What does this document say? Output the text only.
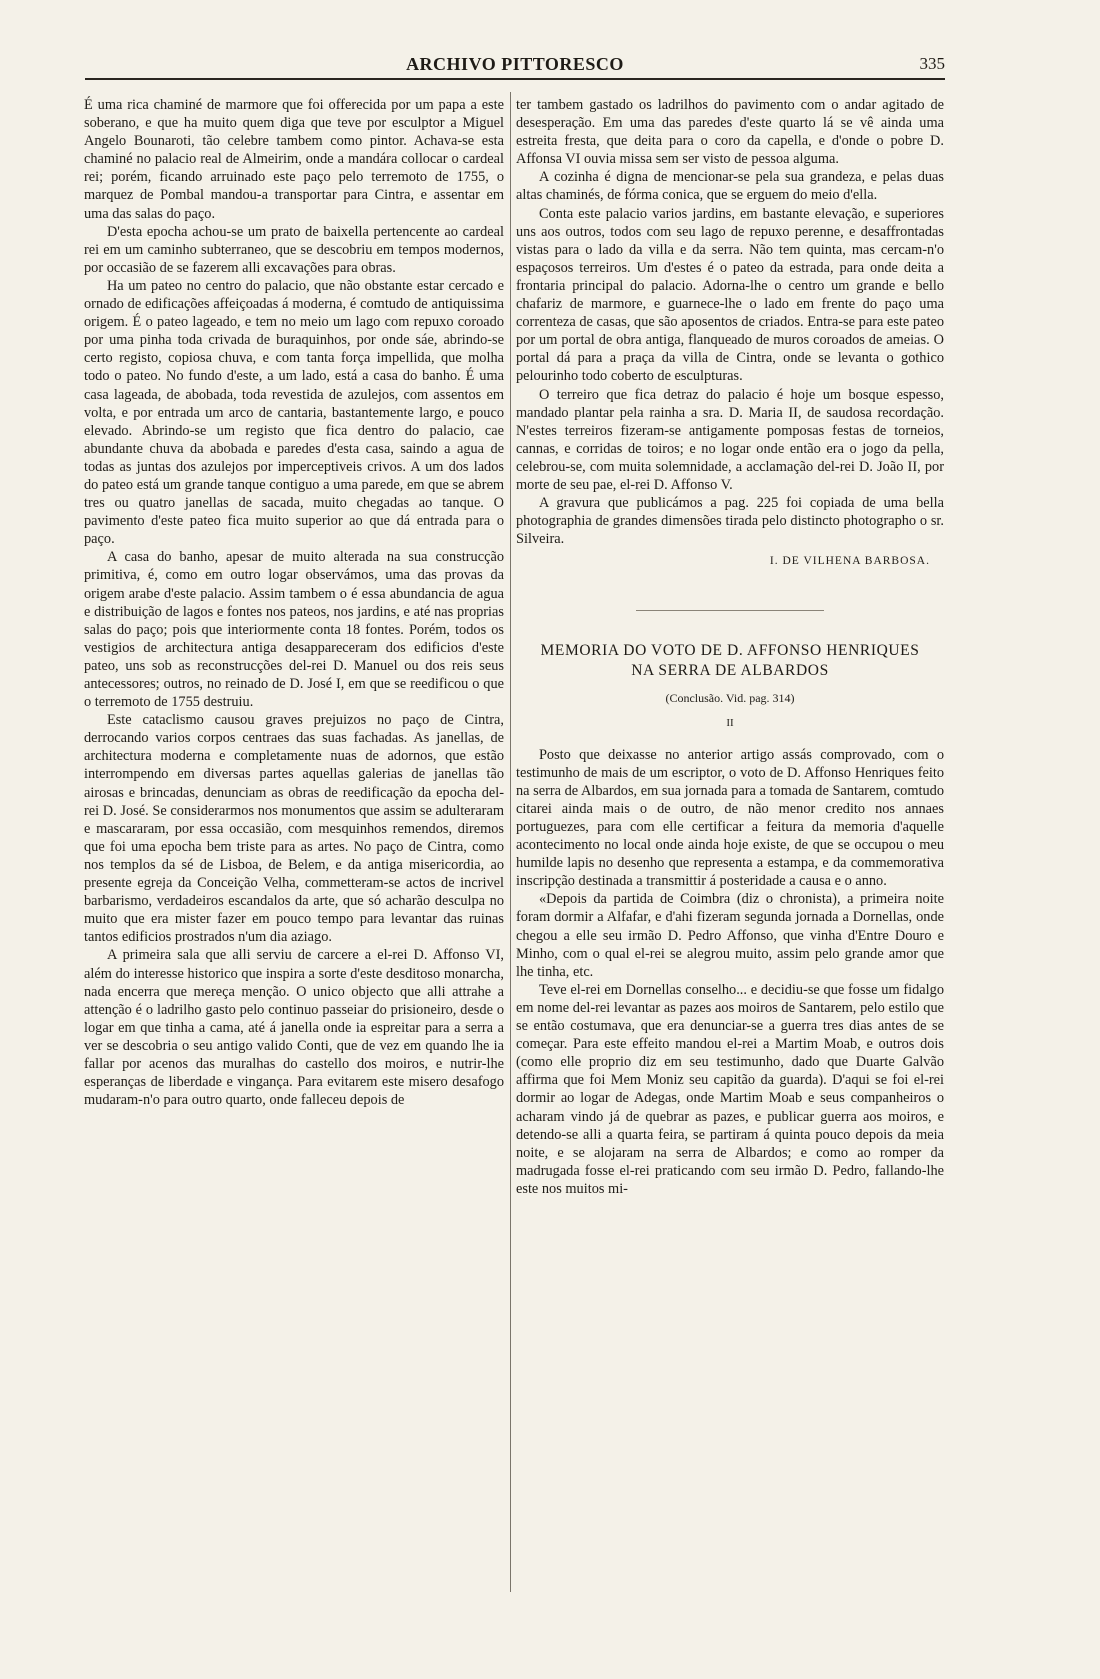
ARCHIVO PITTORESCO	335

É uma rica chaminé de marmore que foi offerecida por um papa a este soberano, e que ha muito quem diga que teve por esculptor a Miguel Angelo Bounaroti, tão celebre tambem como pintor. Achava-se esta chaminé no palacio real de Almeirim, onde a mandára collocar o cardeal rei; porém, ficando arruinado este paço pelo terremoto de 1755, o marquez de Pombal mandou-a transportar para Cintra, e assentar em uma das salas do paço.

D'esta epocha achou-se um prato de baixella pertencente ao cardeal rei em um caminho subterraneo, que se descobriu em tempos modernos, por occasião de se fazerem alli excavações para obras.

Ha um pateo no centro do palacio, que não obstante estar cercado e ornado de edificações affeiçoadas á moderna, é comtudo de antiquissima origem. É o pateo lageado, e tem no meio um lago com repuxo coroado por uma pinha toda crivada de buraquinhos, por onde sáe, abrindo-se certo registo, copiosa chuva, e com tanta força impellida, que molha todo o pateo. No fundo d'este, a um lado, está a casa do banho. É uma casa lageada, de abobada, toda revestida de azulejos, com assentos em volta, e por entrada um arco de cantaria, bastantemente largo, e pouco elevado. Abrindo-se um registo que fica dentro do palacio, cae abundante chuva da abobada e paredes d'esta casa, saindo a agua de todas as juntas dos azulejos por imperceptiveis crivos. A um dos lados do pateo está um grande tanque contiguo a uma parede, em que se abrem tres ou quatro janellas de sacada, muito chegadas ao tanque. O pavimento d'este pateo fica muito superior ao que dá entrada para o paço.

A casa do banho, apesar de muito alterada na sua construcção primitiva, é, como em outro logar observámos, uma das provas da origem arabe d'este palacio. Assim tambem o é essa abundancia de agua e distribuição de lagos e fontes nos pateos, nos jardins, e até nas proprias salas do paço; pois que interiormente conta 18 fontes. Porém, todos os vestigios de architectura antiga desappareceram dos edificios d'este pateo, uns sob as reconstrucções del-rei D. Manuel ou dos reis seus antecessores; outros, no reinado de D. José I, em que se reedificou o que o terremoto de 1755 destruiu.

Este cataclismo causou graves prejuizos no paço de Cintra, derrocando varios corpos centraes das suas fachadas. As janellas, de architectura moderna e completamente nuas de adornos, que estão interrompendo em diversas partes aquellas galerias de janellas tão airosas e brincadas, denunciam as obras de reedificação da epocha del-rei D. José. Se considerarmos nos monumentos que assim se adulteraram e mascararam, por essa occasião, com mesquinhos remendos, diremos que foi uma epocha bem triste para as artes. No paço de Cintra, como nos templos da sé de Lisboa, de Belem, e da antiga misericordia, ao presente egreja da Conceição Velha, commetteram-se actos de incrivel barbarismo, verdadeiros escandalos da arte, que só acharão desculpa no muito que era mister fazer em pouco tempo para levantar das ruinas tantos edificios prostrados n'um dia aziago.

A primeira sala que alli serviu de carcere a el-rei D. Affonso VI, além do interesse historico que inspira a sorte d'este desditoso monarcha, nada encerra que mereça menção. O unico objecto que alli attrahe a attenção é o ladrilho gasto pelo continuo passeiar do prisioneiro, desde o logar em que tinha a cama, até á janella onde ia espreitar para a serra a ver se descobria o seu antigo valido Conti, que de vez em quando lhe ia fallar por acenos das muralhas do castello dos moiros, e nutrir-lhe esperanças de liberdade e vingança. Para evitarem este misero desafogo mudaram-n'o para outro quarto, onde falleceu depois de

ter tambem gastado os ladrilhos do pavimento com o andar agitado de desesperação. Em uma das paredes d'este quarto lá se vê ainda uma estreita fresta, que deita para o coro da capella, e d'onde o pobre D. Affonsa VI ouvia missa sem ser visto de pessoa alguma.

A cozinha é digna de mencionar-se pela sua grandeza, e pelas duas altas chaminés, de fórma conica, que se erguem do meio d'ella.

Conta este palacio varios jardins, em bastante elevação, e superiores uns aos outros, todos com seu lago de repuxo perenne, e desaffrontadas vistas para o lado da villa e da serra. Não tem quinta, mas cercam-n'o espaçosos terreiros. Um d'estes é o pateo da estrada, para onde deita a frontaria principal do palacio. Adorna-lhe o centro um grande e bello chafariz de marmore, e guarnece-lhe o lado em frente do paço uma correnteza de casas, que são aposentos de criados. Entra-se para este pateo por um portal de obra antiga, flanqueado de muros coroados de ameias. O portal dá para a praça da villa de Cintra, onde se levanta o gothico pelourinho todo coberto de esculpturas.

O terreiro que fica detraz do palacio é hoje um bosque espesso, mandado plantar pela rainha a sra. D. Maria II, de saudosa recordação. N'estes terreiros fizeram-se antigamente pomposas festas de torneios, cannas, e corridas de toiros; e no logar onde então era o jogo da pella, celebrou-se, com muita solemnidade, a acclamação del-rei D. João II, por morte de seu pae, el-rei D. Affonso V.

A gravura que publicámos a pag. 225 foi copiada de uma bella photographia de grandes dimensões tirada pelo distincto photographo o sr. Silveira.

I. DE VILHENA BARBOSA.
MEMORIA DO VOTO DE D. AFFONSO HENRIQUES
NA SERRA DE ALBARDOS
(Conclusão. Vid. pag. 314)
II

Posto que deixasse no anterior artigo assás comprovado, com o testimunho de mais de um escriptor, o voto de D. Affonso Henriques feito na serra de Albardos, em sua jornada para a tomada de Santarem, comtudo citarei ainda mais o de outro, de não menor credito nos annaes portuguezes, para com elle certificar a feitura da memoria d'aquelle acontecimento no local onde ainda hoje existe, de que se occupou o meu humilde lapis no desenho que representa a estampa, e da commemorativa inscripção destinada a transmittir á posteridade a causa e o anno.

«Depois da partida de Coimbra (diz o chronista), a primeira noite foram dormir a Alfafar, e d'ahi fizeram segunda jornada a Dornellas, onde chegou a elle seu irmão D. Pedro Affonso, que vinha d'Entre Douro e Minho, com o qual el-rei se alegrou muito, assim pelo grande amor que lhe tinha, etc.

Teve el-rei em Dornellas conselho... e decidiu-se que fosse um fidalgo em nome del-rei levantar as pazes aos moiros de Santarem, pelo estilo que se então costumava, que era denunciar-se a guerra tres dias antes de se começar. Para este effeito mandou el-rei a Martim Moab, e outros dois (como elle proprio diz em seu testimunho, dado que Duarte Galvão affirma que foi Mem Moniz seu capitão da guarda). D'aqui se foi el-rei dormir ao logar de Adegas, onde Martim Moab e seus companheiros o acharam vindo já de quebrar as pazes, e publicar guerra aos moiros, e detendo-se alli a quarta feira, se partiram á quinta pouco depois da meia noite, e se alojaram na serra de Albardos; e como ao romper da madrugada fosse el-rei praticando com seu irmão D. Pedro, fallando-lhe este nos muitos mi-
